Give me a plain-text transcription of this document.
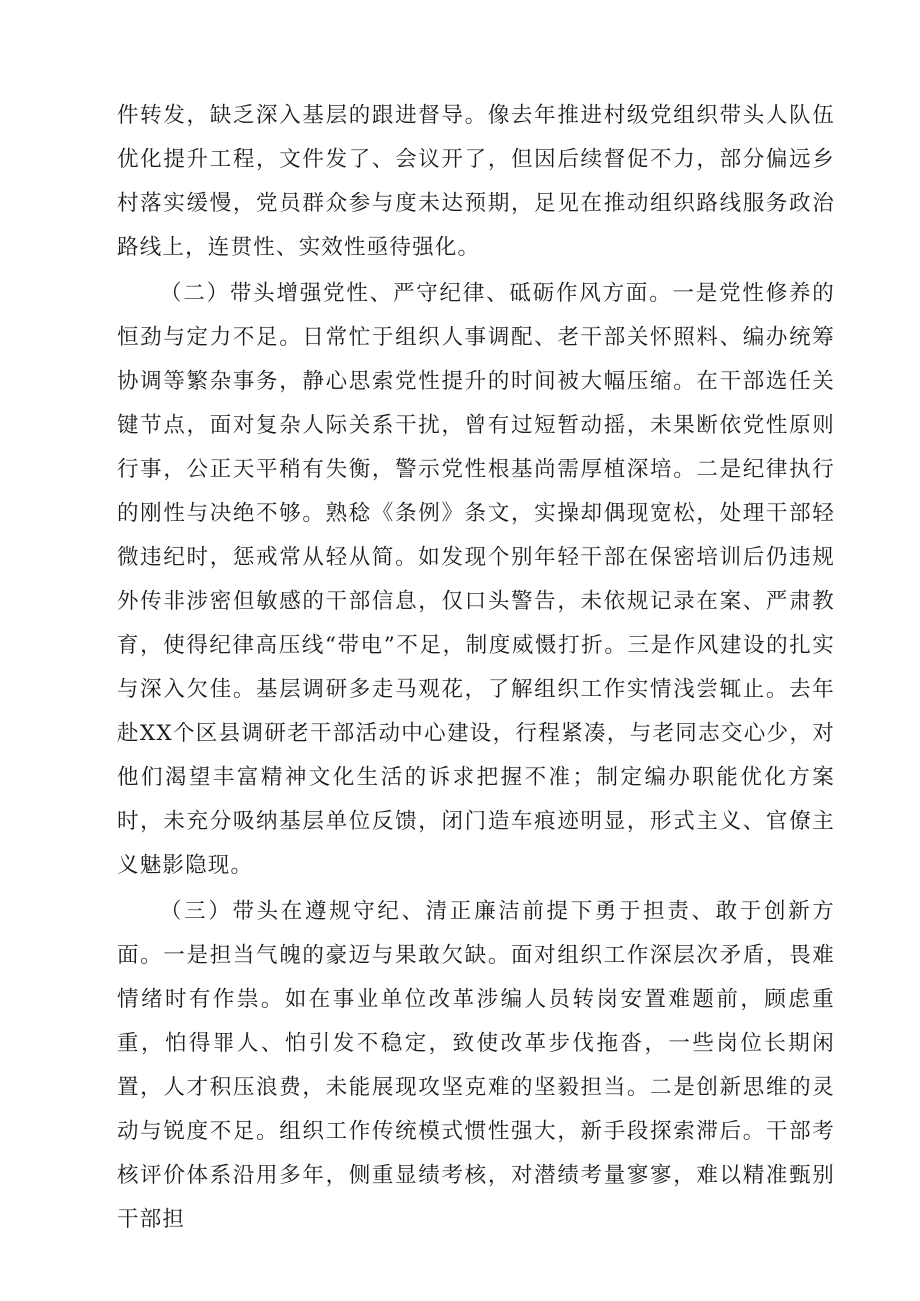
件转发，缺乏深入基层的跟进督导。像去年推进村级党组织带头人队伍优化提升工程，文件发了、会议开了，但因后续督促不力，部分偏远乡村落实缓慢，党员群众参与度未达预期，足见在推动组织路线服务政治路线上，连贯性、实效性亟待强化。

（二）带头增强党性、严守纪律、砥砺作风方面。一是党性修养的恒劲与定力不足。日常忙于组织人事调配、老干部关怀照料、编办统筹协调等繁杂事务，静心思索党性提升的时间被大幅压缩。在干部选任关键节点，面对复杂人际关系干扰，曾有过短暂动摇，未果断依党性原则行事，公正天平稍有失衡，警示党性根基尚需厚植深培。二是纪律执行的刚性与决绝不够。熟稔《条例》条文，实操却偶现宽松，处理干部轻微违纪时，惩戒常从轻从简。如发现个别年轻干部在保密培训后仍违规外传非涉密但敏感的干部信息，仅口头警告，未依规记录在案、严肃教育，使得纪律高压线“带电”不足，制度威慑打折。三是作风建设的扎实与深入欠佳。基层调研多走马观花，了解组织工作实情浅尝辄止。去年赴XX个区县调研老干部活动中心建设，行程紧凑，与老同志交心少，对他们渴望丰富精神文化生活的诉求把握不准；制定编办职能优化方案时，未充分吸纳基层单位反馈，闭门造车痕迹明显，形式主义、官僚主义魅影隐现。

（三）带头在遵规守纪、清正廉洁前提下勇于担责、敢于创新方面。一是担当气魄的豪迈与果敢欠缺。面对组织工作深层次矛盾，畏难情绪时有作祟。如在事业单位改革涉编人员转岗安置难题前，顾虑重重，怕得罪人、怕引发不稳定，致使改革步伐拖沓，一些岗位长期闲置，人才积压浪费，未能展现攻坚克难的坚毅担当。二是创新思维的灵动与锐度不足。组织工作传统模式惯性强大，新手段探索滞后。干部考核评价体系沿用多年，侧重显绩考核，对潜绩考量寥寥，难以精准甄别干部担
